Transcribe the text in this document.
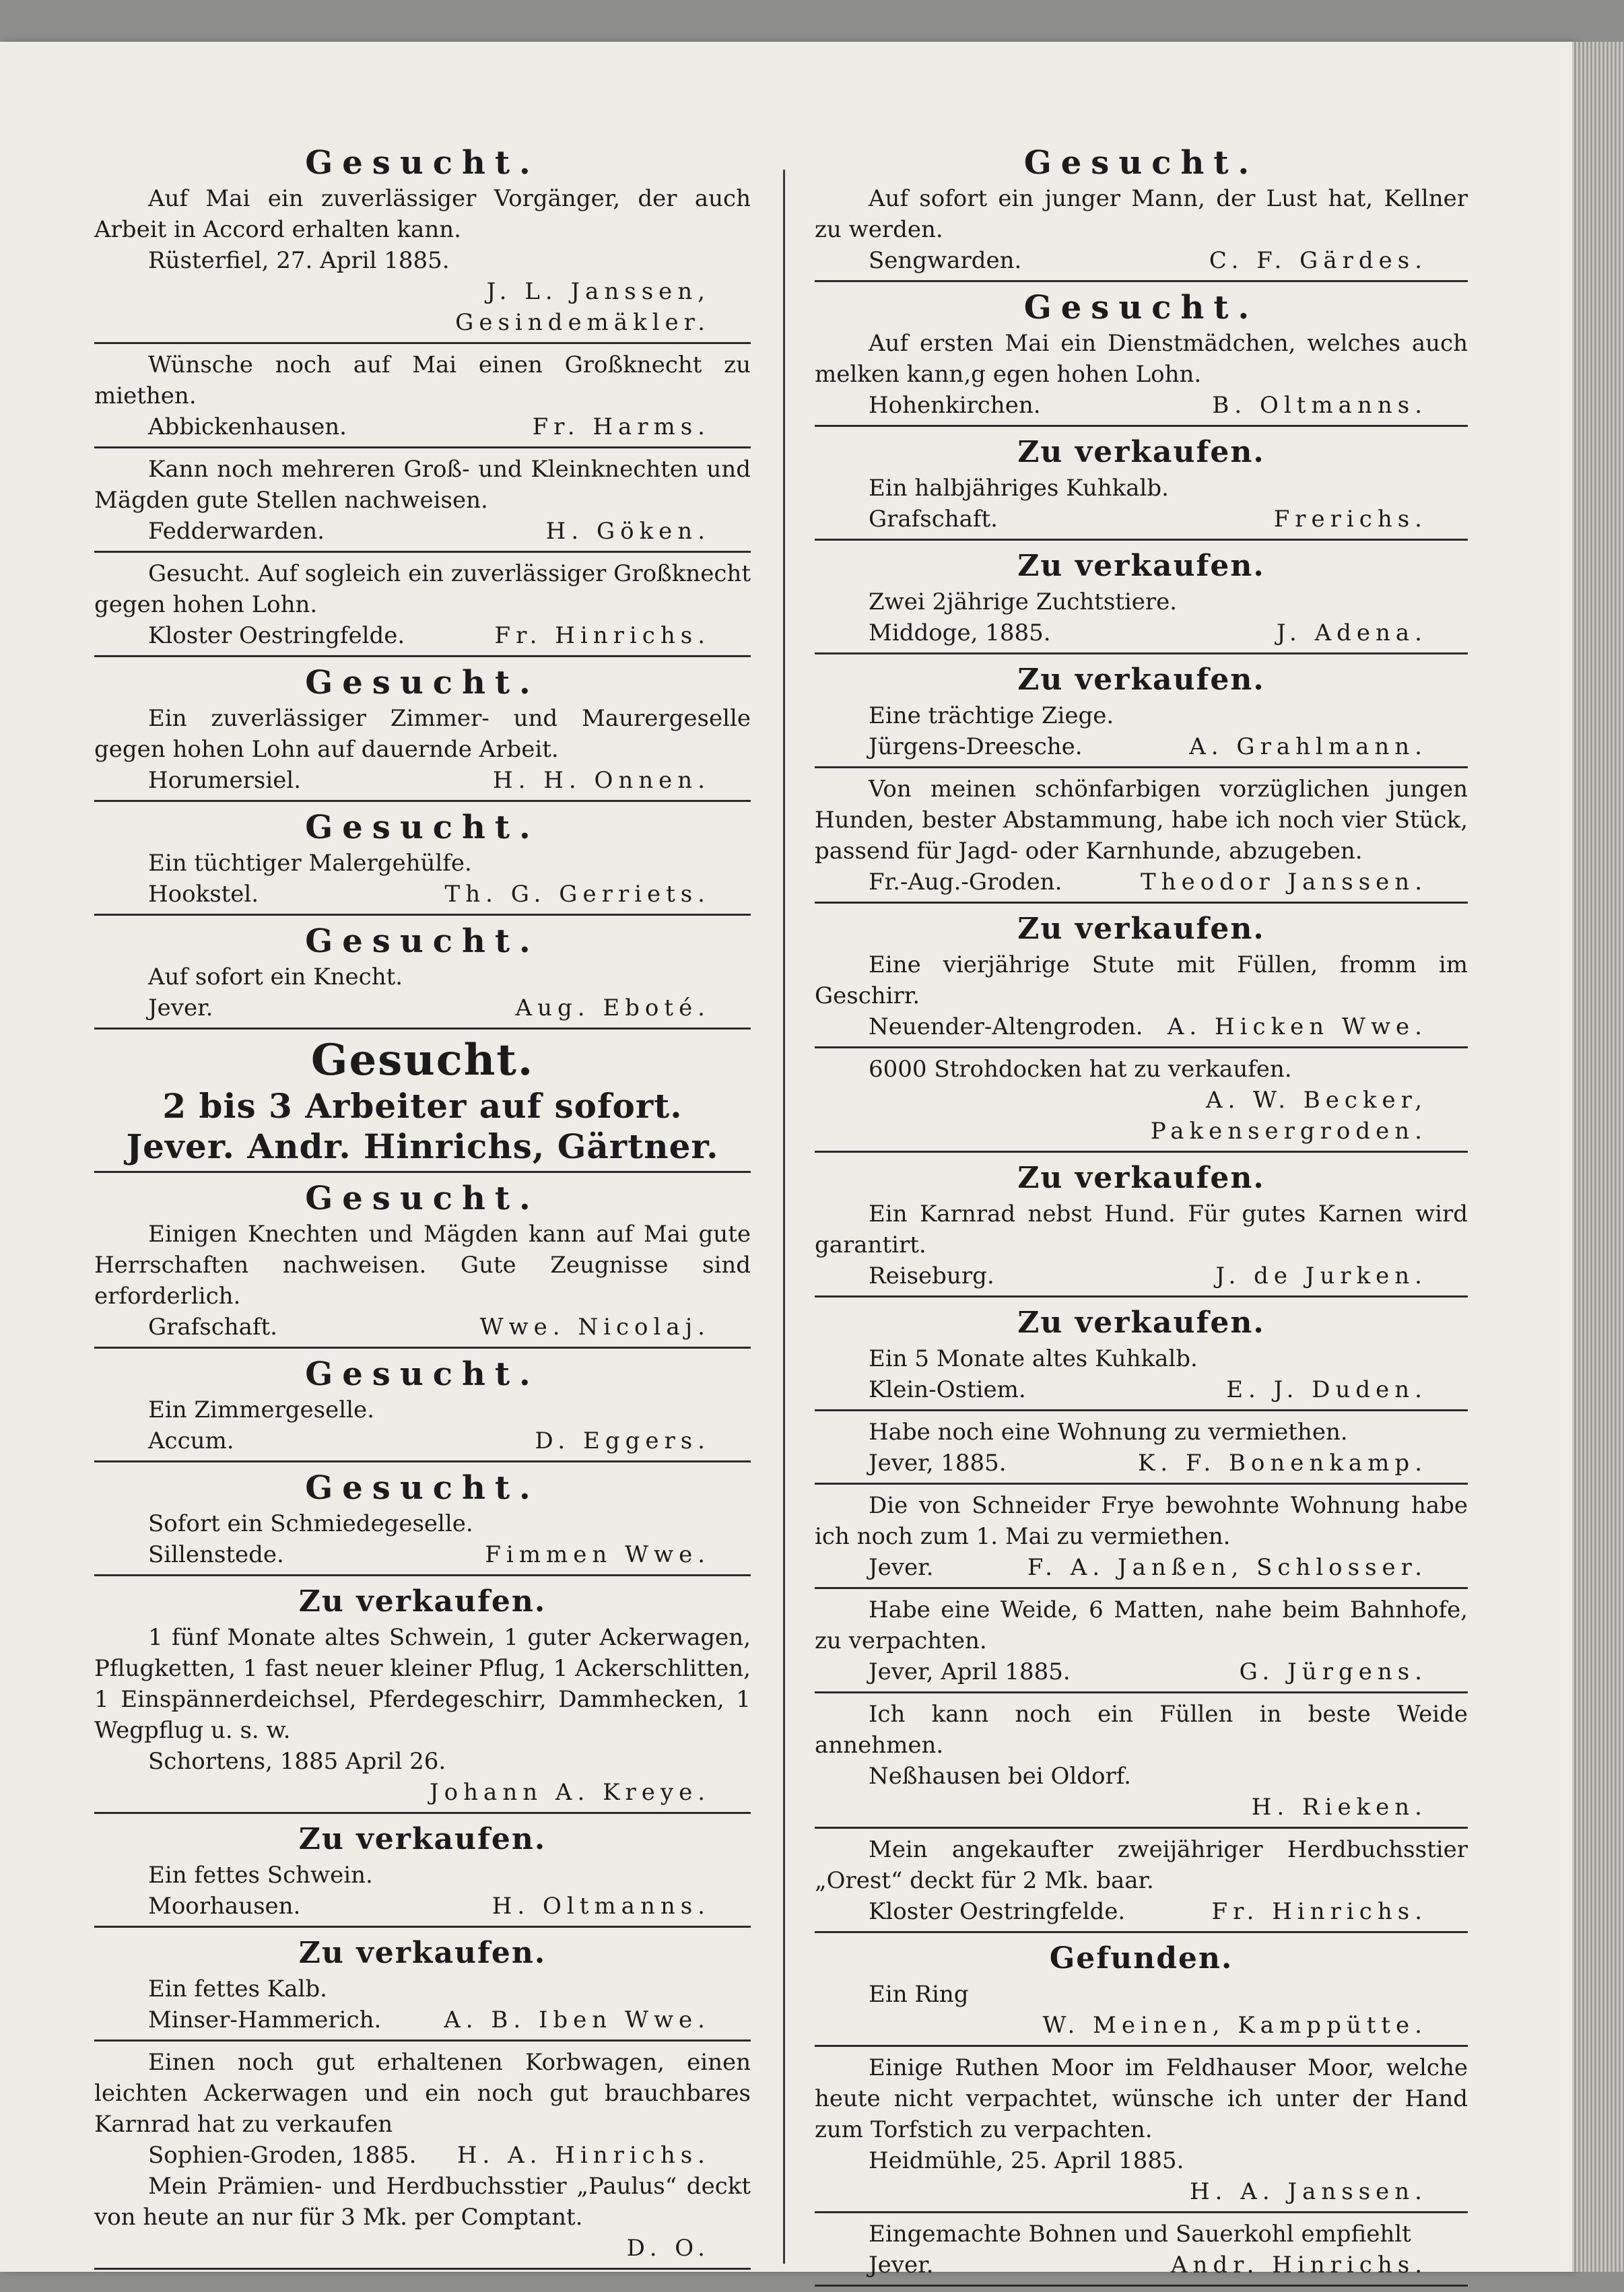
Gesucht.

Auf Mai ein zuverlässiger Vorgänger, der auch Arbeit in Accord erhalten kann.

Rüsterfiel, 27. April 1885.

J. L. Janssen,

Gesindemäkler.

Wünsche noch auf Mai einen Großknecht zu miethen.

Abbickenhausen.	Fr. Harms.

Kann noch mehreren Groß- und Kleinknechten und Mägden gute Stellen nachweisen.

Fedderwarden.	H. Göken.

Gesucht. Auf sogleich ein zuverlässiger Großknecht gegen hohen Lohn.

Kloster Oestringfelde.	Fr. Hinrichs.

Gesucht.

Ein zuverlässiger Zimmer- und Maurergeselle gegen hohen Lohn auf dauernde Arbeit.

Horumersiel.	H. H. Onnen.

Gesucht.

Ein tüchtiger Malergehülfe.

Hookstel.	Th. G. Gerriets.

Gesucht.

Auf sofort ein Knecht.

Jever.	Aug. Eboté.

Gesucht.

2 bis 3 Arbeiter auf sofort.

Jever. Andr. Hinrichs, Gärtner.

Gesucht.

Einigen Knechten und Mägden kann auf Mai gute Herrschaften nachweisen. Gute Zeugnisse sind erforderlich.

Grafschaft.	Wwe. Nicolaj.

Gesucht.

Ein Zimmergeselle.

Accum.	D. Eggers.

Gesucht.

Sofort ein Schmiedegeselle.

Sillenstede.	Fimmen Wwe.

Zu verkaufen.

1 fünf Monate altes Schwein, 1 guter Ackerwagen, Pflugketten, 1 fast neuer kleiner Pflug, 1 Ackerschlitten, 1 Einspännerdeichsel, Pferdegeschirr, Dammhecken, 1 Wegpflug u. s. w.

Schortens, 1885 April 26.

Johann A. Kreye.

Zu verkaufen.

Ein fettes Schwein.

Moorhausen.	H. Oltmanns.

Zu verkaufen.

Ein fettes Kalb.

Minser-Hammerich.	A. B. Iben Wwe.

Einen noch gut erhaltenen Korbwagen, einen leichten Ackerwagen und ein noch gut brauchbares Karnrad hat zu verkaufen

Sophien-Groden, 1885. H. A. Hinrichs.

Mein Prämien- und Herdbuchsstier „Paulus“ deckt von heute an nur für 3 Mk. per Comptant.

D. O.

Gesucht.

Auf sofort ein junger Mann, der Lust hat, Kellner zu werden.

Sengwarden.	C. F. Gärdes.

Gesucht.

Auf ersten Mai ein Dienstmädchen, welches auch melken kann,g egen hohen Lohn.

Hohenkirchen.	B. Oltmanns.

Zu verkaufen.

Ein halbjähriges Kuhkalb.

Grafschaft.	Frerichs.

Zu verkaufen.

Zwei 2jährige Zuchtstiere.

Middoge, 1885.	J. Adena.

Zu verkaufen.

Eine trächtige Ziege.

Jürgens-Dreesche.	A. Grahlmann.

Von meinen schönfarbigen vorzüglichen jungen Hunden, bester Abstammung, habe ich noch vier Stück, passend für Jagd- oder Karnhunde, abzugeben.

Fr.-Aug.-Groden.	Theodor Janssen.

Zu verkaufen.

Eine vierjährige Stute mit Füllen, fromm im Geschirr.

Neuender-Altengroden. A. Hicken Wwe.

6000 Strohdocken hat zu verkaufen.

A. W. Becker,

Pakensergroden.

Zu verkaufen.

Ein Karnrad nebst Hund. Für gutes Karnen wird garantirt.

Reiseburg.	J. de Jurken.

Zu verkaufen.

Ein 5 Monate altes Kuhkalb.

Klein-Ostiem.	E. J. Duden.

Habe noch eine Wohnung zu vermiethen.

Jever, 1885.	K. F. Bonenkamp.

Die von Schneider Frye bewohnte Wohnung habe ich noch zum 1. Mai zu vermiethen.

Jever.	F. A. Janßen, Schlosser.

Habe eine Weide, 6 Matten, nahe beim Bahnhofe, zu verpachten.

Jever, April 1885.	G. Jürgens.

Ich kann noch ein Füllen in beste Weide annehmen.

Neßhausen bei Oldorf.

H. Rieken.

Mein angekaufter zweijähriger Herdbuchsstier „Orest“ deckt für 2 Mk. baar.

Kloster Oestringfelde.	Fr. Hinrichs.

Gefunden.

Ein Ring

W. Meinen, Kamppütte.

Einige Ruthen Moor im Feldhauser Moor, welche heute nicht verpachtet, wünsche ich unter der Hand zum Torfstich zu verpachten.

Heidmühle, 25. April 1885.

H. A. Janssen.

Eingemachte Bohnen und Sauerkohl empfiehlt

Jever.	Andr. Hinrichs.
